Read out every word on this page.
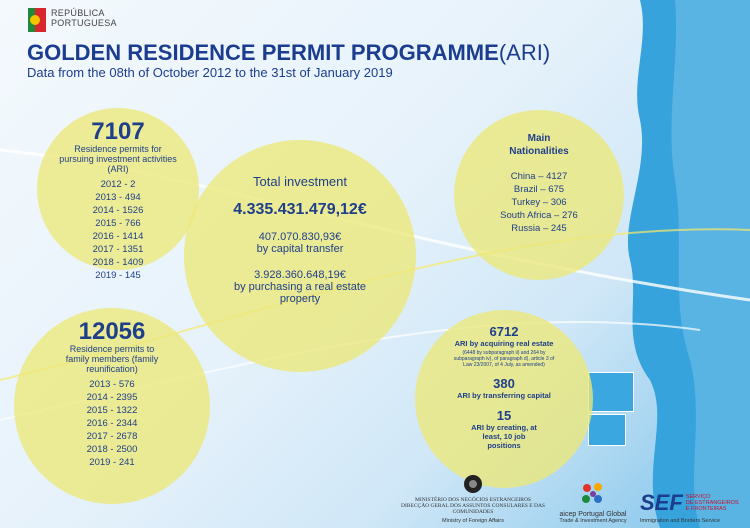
REPÚBLICA
PORTUGUESA
GOLDEN RESIDENCE PERMIT PROGRAMME(ARI)
Data from the 08th of October 2012 to the 31st of January 2019
7107
Residence permits for pursuing investment activities (ARI)
2012 - 2
2013 - 494
2014 - 1526
2015 - 766
2016 - 1414
2017 - 1351
2018 - 1409
2019 - 145
Total investment
4.335.431.479,12€
407.070.830,93€
by capital transfer
3.928.360.648,19€
by purchasing a real estate property
Main Nationalities
China – 4127
Brazil – 675
Turkey – 306
South Africa – 276
Russia – 245
12056
Residence permits to family members (family reunification)
2013 - 576
2014 - 2395
2015 - 1322
2016 - 2344
2017 - 2678
2018 - 2500
2019 - 241
6712
ARI by acquiring real estate
(6448 by subparagraph ii) and 264 by subparagraph iv), of paragraph d), article 3 of Law 23/2007, of 4 July, as amended)
380
ARI by transferring capital
15
ARI by creating, at least, 10 job positions
MINISTÉRIO DOS NEGÓCIOS ESTRANGEIROS
DIRECÇÃO GERAL DOS ASSUNTOS CONSULARES E DAS COMUNIDADES
Ministry of Foreign Affairs
aicep Portugal Global
Trade & Investment Agency
SEF SERVIÇO
DE ESTRANGEIROS
E FRONTEIRAS
Immigration and Borders Service
